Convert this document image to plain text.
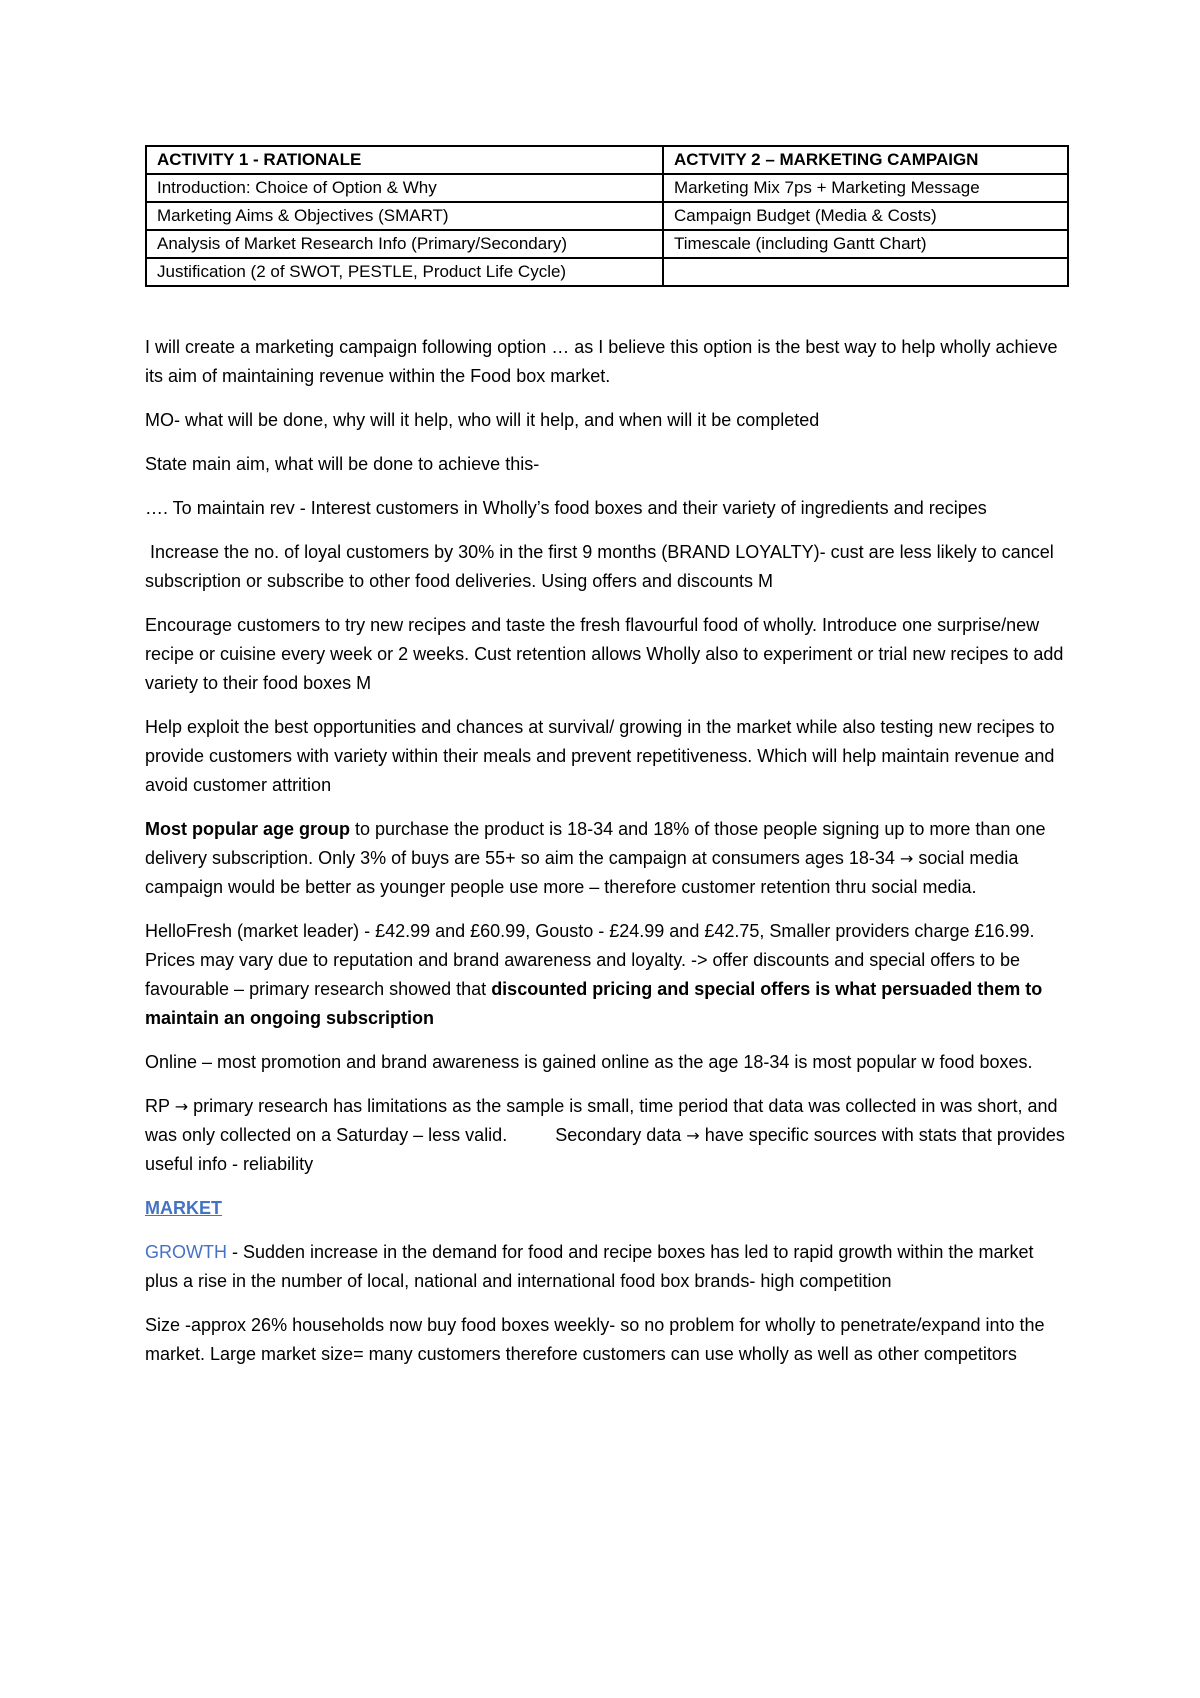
ACTIVITY 1 - RATIONALE	ACTVITY 2 – MARKETING CAMPAIGN
Introduction: Choice of Option & Why	Marketing Mix 7ps + Marketing Message
Marketing Aims & Objectives (SMART)	Campaign Budget (Media & Costs)
Analysis of Market Research Info (Primary/Secondary)	Timescale (including Gantt Chart)
Justification (2 of SWOT, PESTLE, Product Life Cycle)	

I will create a marketing campaign following option … as I believe this option is the best way to help wholly achieve its aim of maintaining revenue within the Food box market.

MO- what will be done, why will it help, who will it help, and when will it be completed

State main aim, what will be done to achieve this-

…. To maintain rev - Interest customers in Wholly’s food boxes and their variety of ingredients and recipes

Increase the no. of loyal customers by 30% in the first 9 months (BRAND LOYALTY)- cust are less likely to cancel subscription or subscribe to other food deliveries. Using offers and discounts M

Encourage customers to try new recipes and taste the fresh flavourful food of wholly. Introduce one surprise/new recipe or cuisine every week or 2 weeks. Cust retention allows Wholly also to experiment or trial new recipes to add variety to their food boxes M

Help exploit the best opportunities and chances at survival/ growing in the market while also testing new recipes to provide customers with variety within their meals and prevent repetitiveness. Which will help maintain revenue and avoid customer attrition

Most popular age group to purchase the product is 18-34 and 18% of those people signing up to more than one delivery subscription. Only 3% of buys are 55+ so aim the campaign at consumers ages 18-34 → social media campaign would be better as younger people use more – therefore customer retention thru social media.

HelloFresh (market leader) - £42.99 and £60.99, Gousto - £24.99 and £42.75, Smaller providers charge £16.99. Prices may vary due to reputation and brand awareness and loyalty. -> offer discounts and special offers to be favourable – primary research showed that discounted pricing and special offers is what persuaded them to maintain an ongoing subscription

Online – most promotion and brand awareness is gained online as the age 18-34 is most popular w food boxes.

RP → primary research has limitations as the sample is small, time period that data was collected in was short, and was only collected on a Saturday – less valid.	Secondary data → have specific sources with stats that provides useful info - reliability

MARKET

GROWTH - Sudden increase in the demand for food and recipe boxes has led to rapid growth within the market plus a rise in the number of local, national and international food box brands- high competition

Size -approx 26% households now buy food boxes weekly- so no problem for wholly to penetrate/expand into the market. Large market size= many customers therefore customers can use wholly as well as other competitors
